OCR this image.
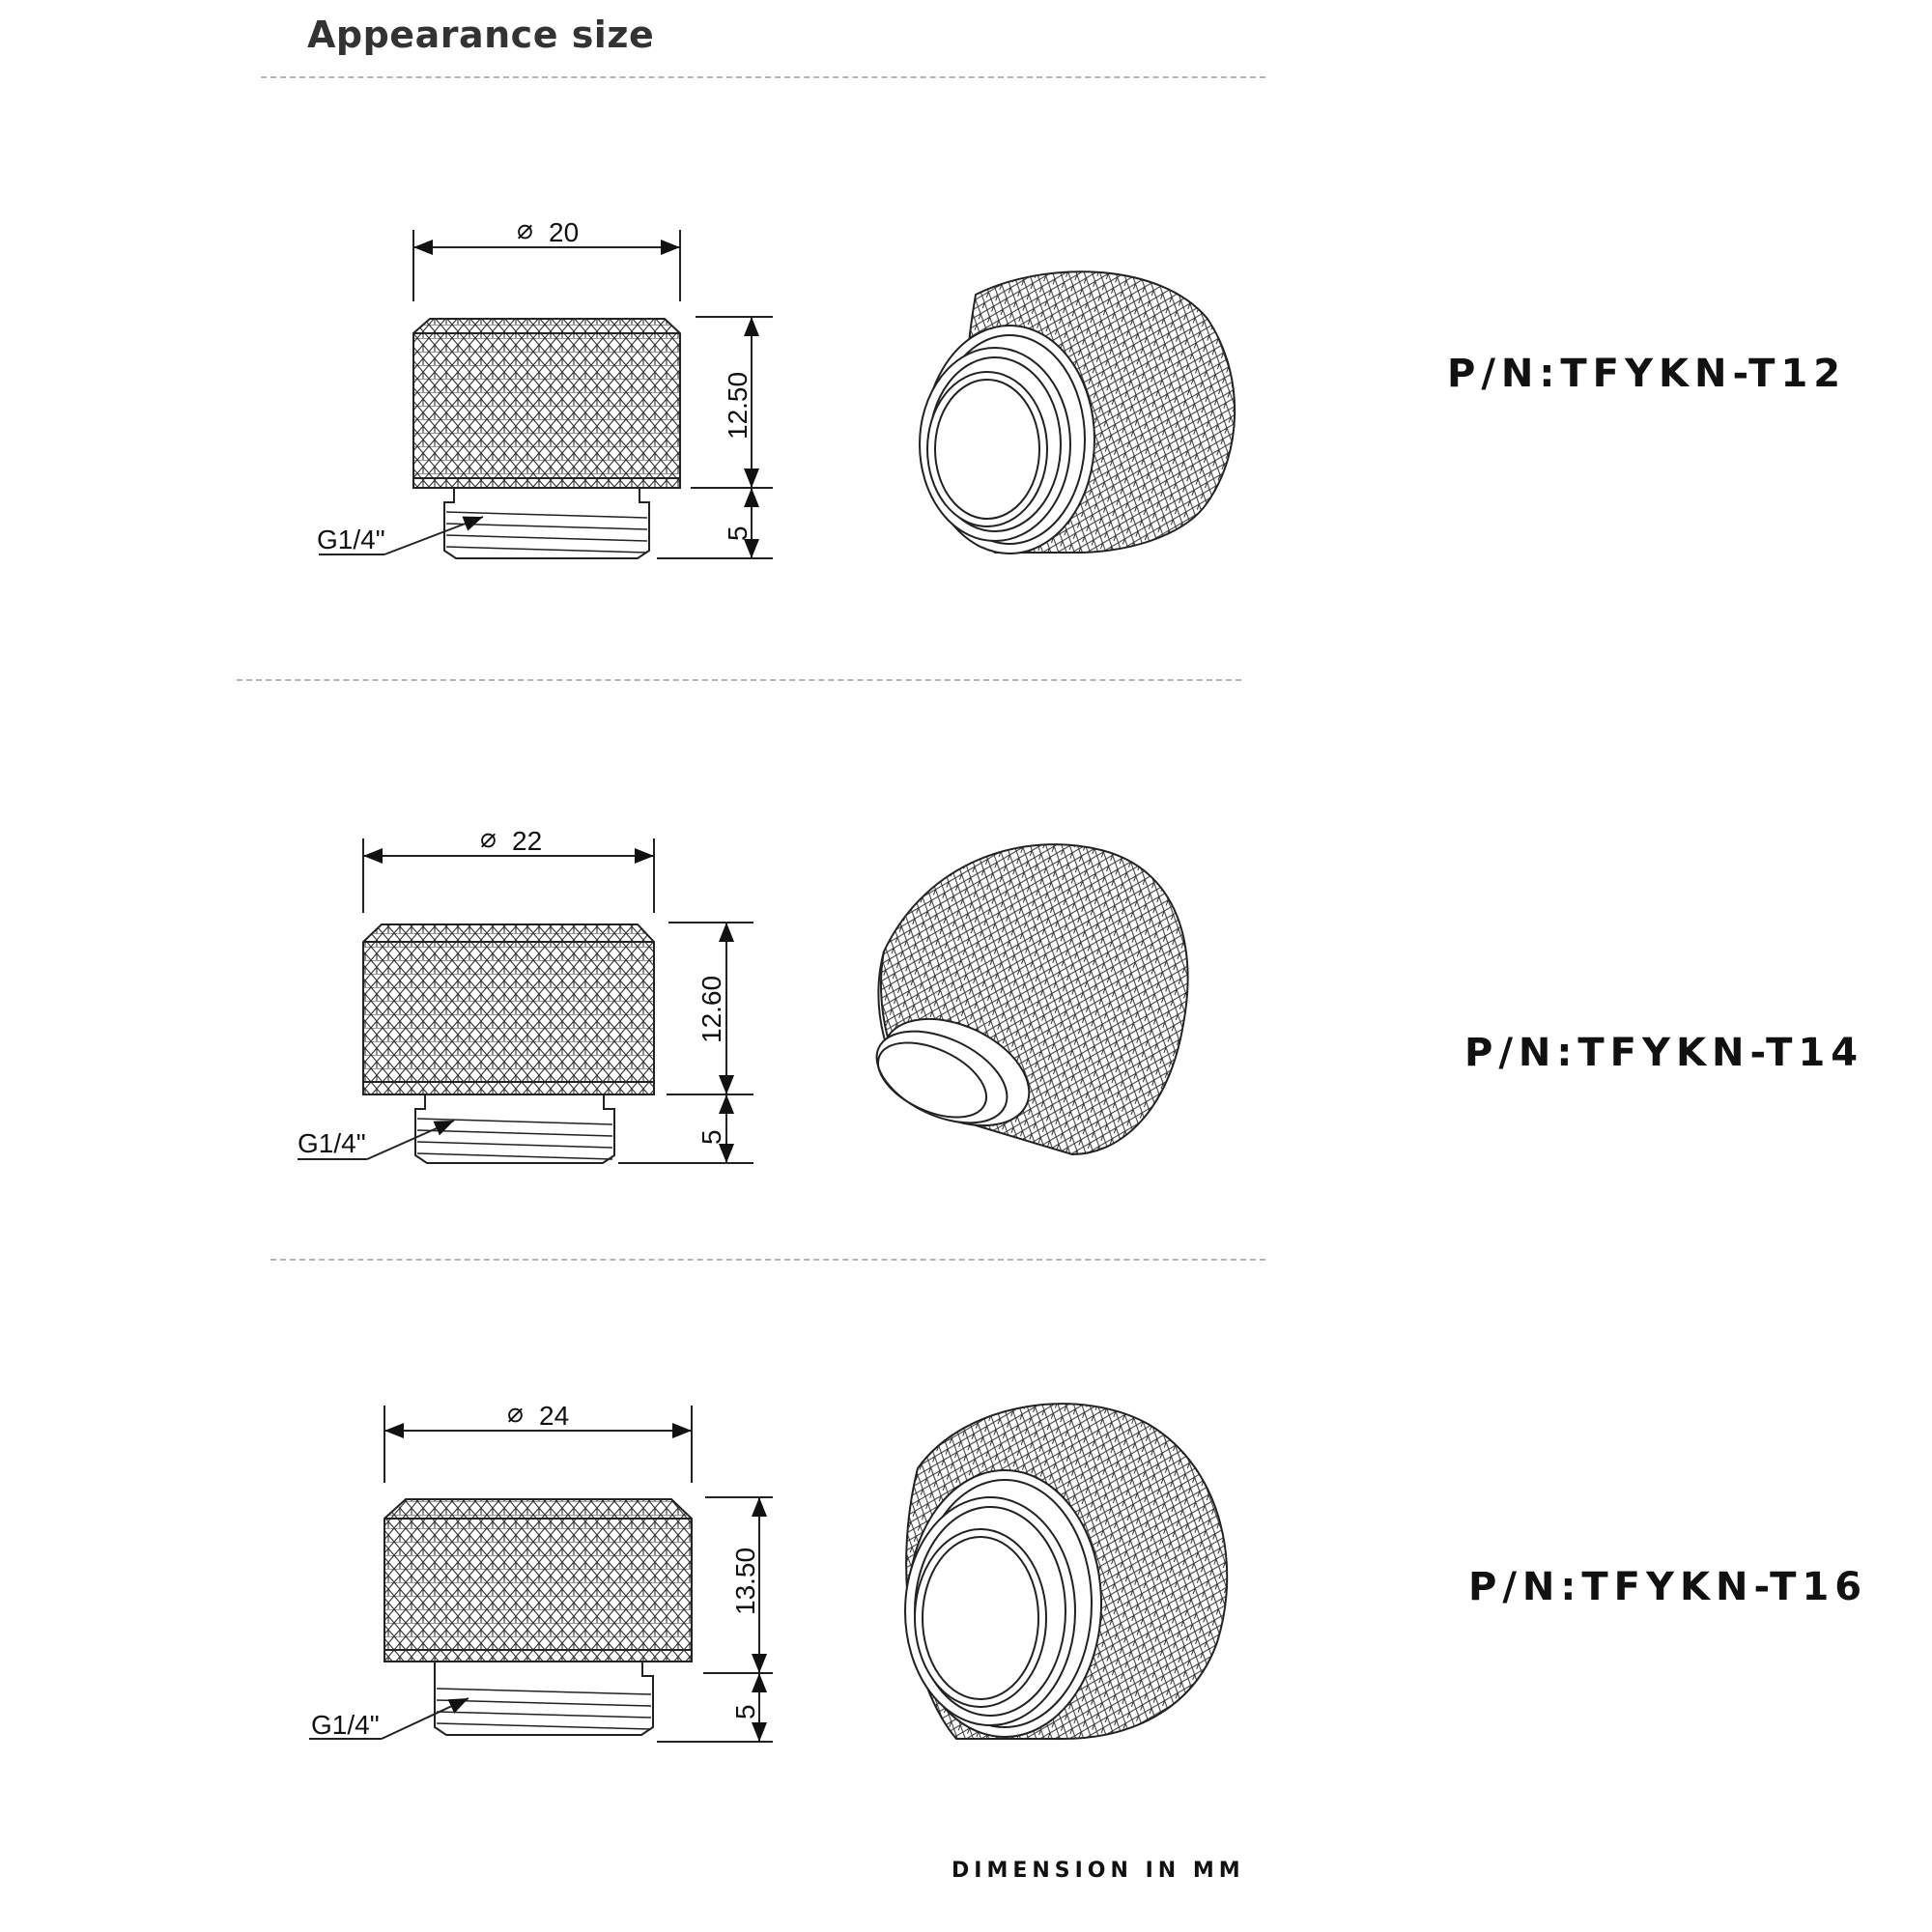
Appearance size
⌀ 20
12.50
5
G1/4"
P/N:TFYKN-T12
⌀ 22
12.60
5
G1/4"
P/N:TFYKN-T14
⌀ 24
13.50
5
G1/4"
P/N:TFYKN-T16
DIMENSION IN MM
